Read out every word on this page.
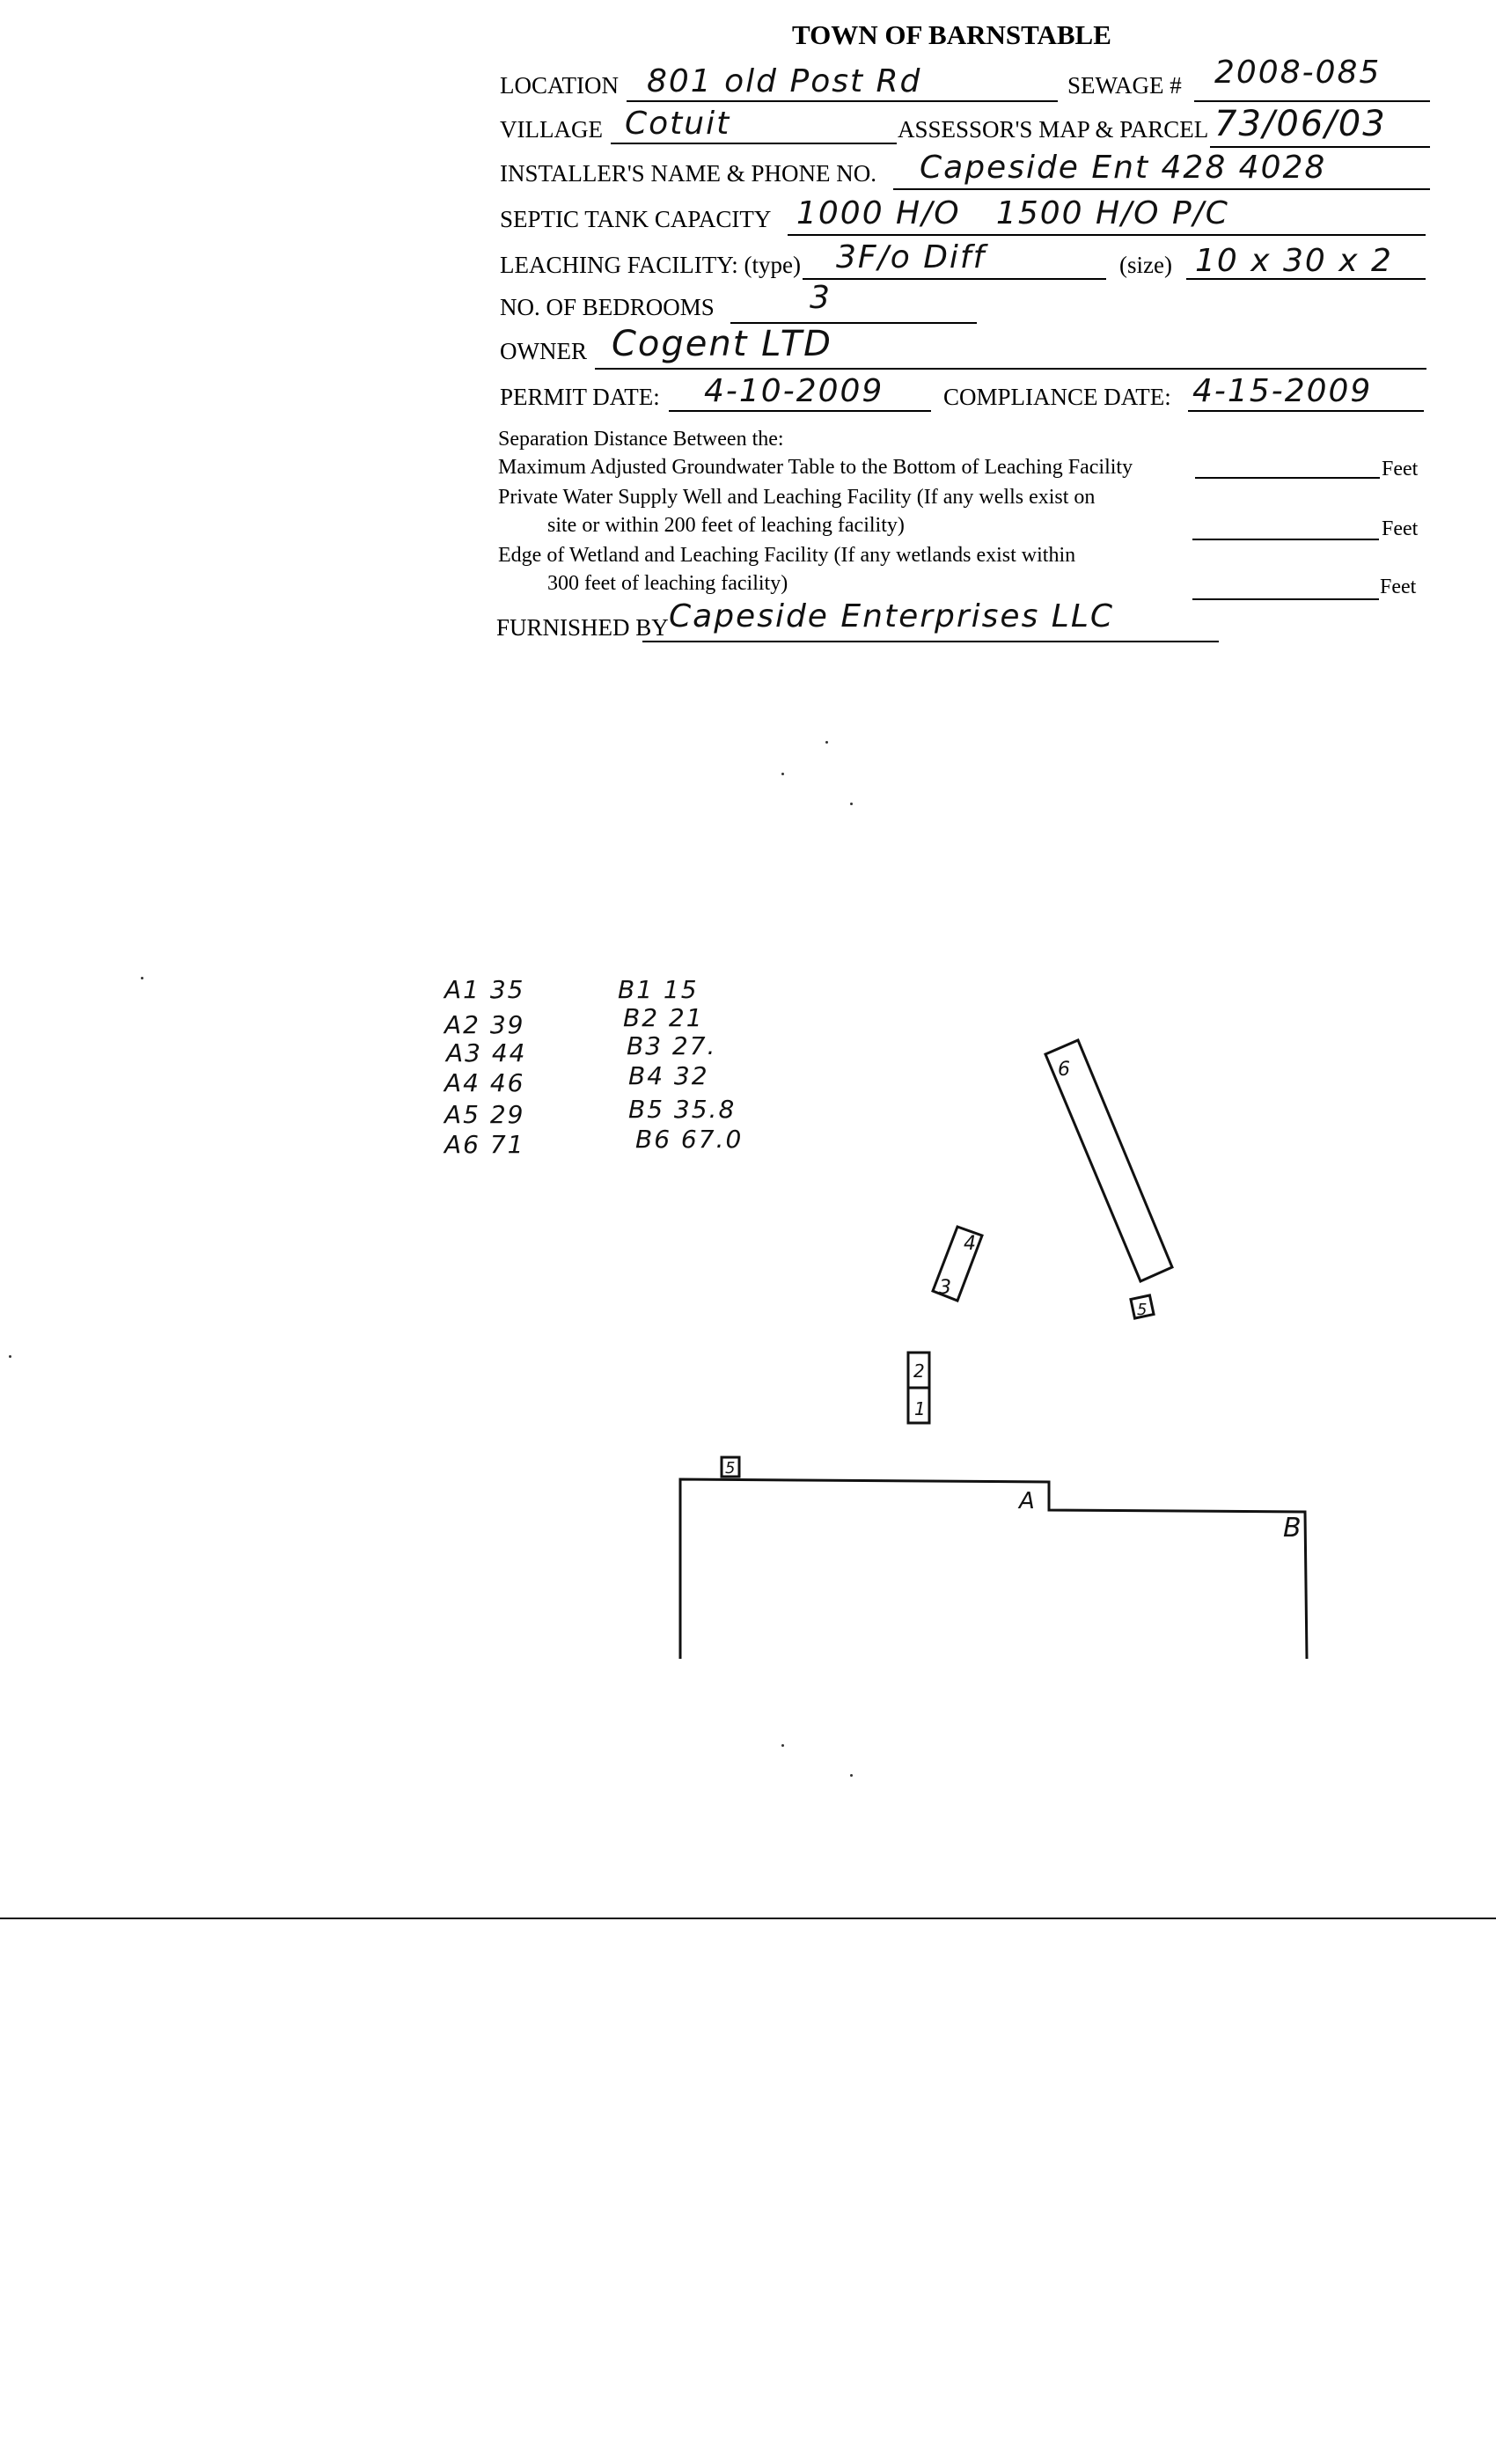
TOWN OF BARNSTABLE
LOCATION 801 old Post Rd	SEWAGE # 2008-085
VILLAGE Cotuit	ASSESSOR'S MAP & PARCEL 73/06/03
INSTALLER'S NAME & PHONE NO. Capeside Ent 428 4028
SEPTIC TANK CAPACITY 1000 H/O   1500 H/O P/C
LEACHING FACILITY: (type) 3F/o Diff	(size) 10 x 30 x 2
NO. OF BEDROOMS	3
OWNER Cogent LTD
PERMIT DATE: 4-10-2009	COMPLIANCE DATE: 4-15-2009
Separation Distance Between the:
Maximum Adjusted Groundwater Table to the Bottom of Leaching Facility	Feet
Private Water Supply Well and Leaching Facility (If any wells exist on
site or within 200 feet of leaching facility)	Feet
Edge of Wetland and Leaching Facility (If any wetlands exist within
300 feet of leaching facility)	Feet
FURNISHED BY Capeside Enterprises LLC
A1 35
A2 39
A3 44
A4 46
A5 29
A6 71
B1 15
B2 21
B3 27.
B4 32
B5 35.8
B6 67.0
6
4
3
2
1
5
5
A
B
